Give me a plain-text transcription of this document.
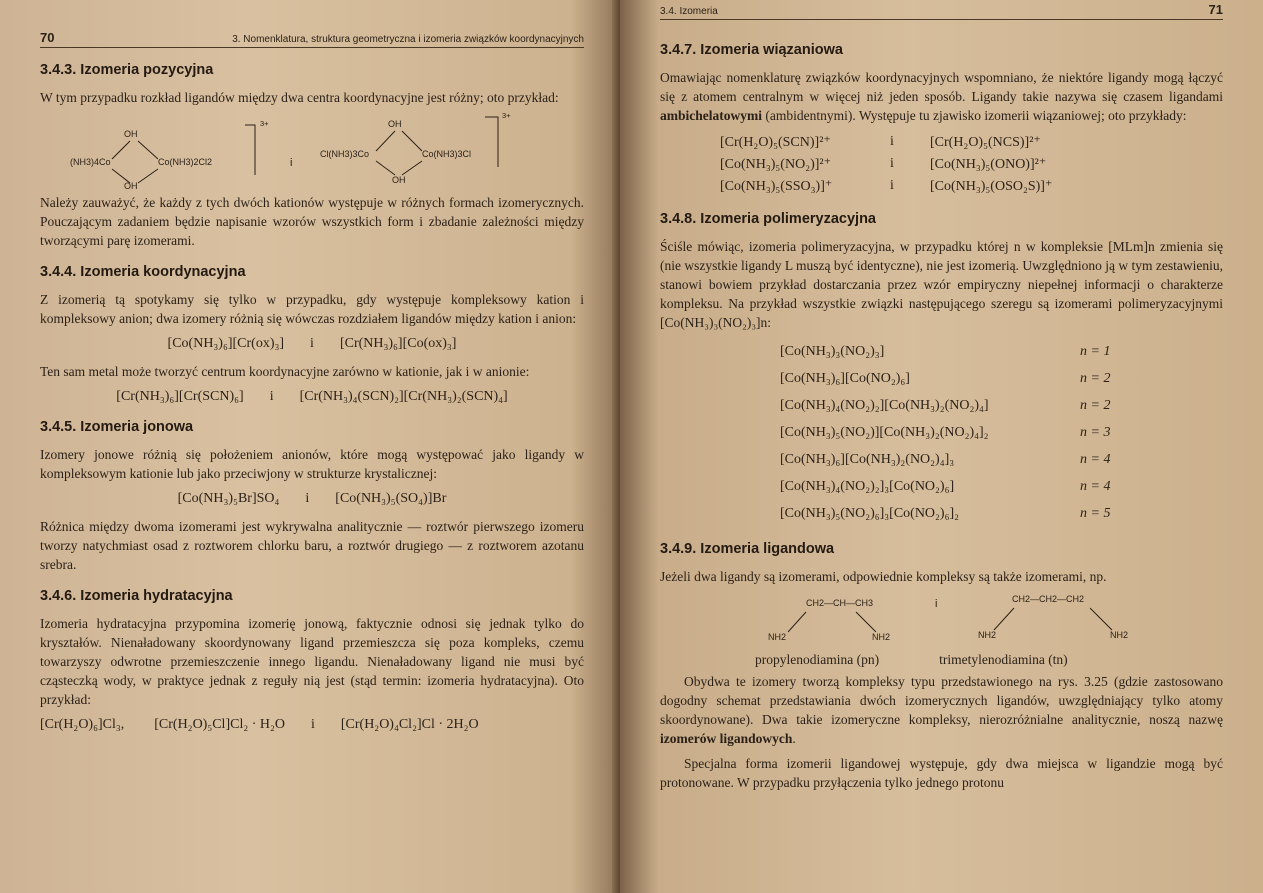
70	3. Nomenklatura, struktura geometryczna i izomeria związków koordynacyjnych
3.4.3. Izomeria pozycyjna

W tym przypadku rozkład ligandów między dwa centra koordynacyjne jest różny; oto przykład:

OH
(NH3)4Co	Co(NH3)2Cl2
OH
3+
i
OH
Cl(NH3)3Co	Co(NH3)3Cl
OH
3+

Należy zauważyć, że każdy z tych dwóch kationów występuje w różnych formach izomerycznych. Pouczającym zadaniem będzie napisanie wzorów wszystkich form i zbadanie zależności między tworzącymi parę izomerami.

3.4.4. Izomeria koordynacyjna

Z izomerią tą spotykamy się tylko w przypadku, gdy występuje kompleksowy kation i kompleksowy anion; dwa izomery różnią się wówczas rozdziałem ligandów między kation i anion:

[Co(NH₃)₆][Cr(ox)₃] i [Cr(NH₃)₆][Co(ox)₃]

Ten sam metal może tworzyć centrum koordynacyjne zarówno w kationie, jak i w anionie:

[Cr(NH₃)₆][Cr(SCN)₆] i [Cr(NH₃)₄(SCN)₂][Cr(NH₃)₂(SCN)₄]
3.4.5. Izomeria jonowa

Izomery jonowe różnią się położeniem anionów, które mogą występować jako ligandy w kompleksowym kationie lub jako przeciwjony w strukturze krystalicznej:

[Co(NH₃)₅Br]SO₄ i [Co(NH₃)₅(SO₄)]Br

Różnica między dwoma izomerami jest wykrywalna analitycznie — roztwór pierwszego izomeru tworzy natychmiast osad z roztworem chlorku baru, a roztwór drugiego — z roztworem azotanu srebra.

3.4.6. Izomeria hydratacyjna

Izomeria hydratacyjna przypomina izomerię jonową, faktycznie odnosi się jednak tylko do kryształów. Nienaładowany skoordynowany ligand przemieszcza się poza kompleks, czemu towarzyszy odwrotne przemieszczenie innego ligandu. Nienaładowany ligand nie musi być cząsteczką wody, w praktyce jednak z reguły nią jest (stąd termin: izomeria hydratacyjna). Oto przykład:

[Cr(H₂O)₆]Cl₃, [Cr(H₂O)₅Cl]Cl₂ · H₂O i [Cr(H₂O)₄Cl₂]Cl · 2H₂O
3.4. Izomeria	71
3.4.7. Izomeria wiązaniowa

Omawiając nomenklaturę związków koordynacyjnych wspomniano, że niektóre ligandy mogą łączyć się z atomem centralnym w więcej niż jeden sposób. Ligandy takie nazywa się czasem ligandami ambichelatowymi (ambidentnymi). Występuje tu zjawisko izomerii wiązaniowej; oto przykłady:

[Cr(H₂O)₅(SCN)]²⁺	i	[Cr(H₂O)₅(NCS)]²⁺
[Co(NH₃)₅(NO₂)]²⁺	i	[Co(NH₃)₅(ONO)]²⁺
[Co(NH₃)₅(SSO₃)]⁺	i	[Co(NH₃)₅(OSO₂S)]⁺
3.4.8. Izomeria polimeryzacyjna

Ściśle mówiąc, izomeria polimeryzacyjna, w przypadku której n w kompleksie [MLm]n zmienia się (nie wszystkie ligandy L muszą być identyczne), nie jest izomerią. Uwzględniono ją w tym zestawieniu, stanowi bowiem przykład dostarczania przez wzór empiryczny niepełnej informacji o charakterze kompleksu. Na przykład wszystkie związki następującego szeregu są izomerami polimeryzacyjnymi [Co(NH₃)₃(NO₂)₃]n:

[Co(NH₃)₃(NO₂)₃]	n = 1
[Co(NH₃)₆][Co(NO₂)₆]	n = 2
[Co(NH₃)₄(NO₂)₂][Co(NH₃)₂(NO₂)₄]	n = 2
[Co(NH₃)₅(NO₂)][Co(NH₃)₂(NO₂)₄]₂	n = 3
[Co(NH₃)₆][Co(NH₃)₂(NO₂)₄]₃	n = 4
[Co(NH₃)₄(NO₂)₂]₃[Co(NO₂)₆]	n = 4
[Co(NH₃)₅(NO₂)₆]₃[Co(NO₂)₆]₂	n = 5
3.4.9. Izomeria ligandowa

Jeżeli dwa ligandy są izomerami, odpowiednie kompleksy są także izomerami, np.

CH2—CH—CH3
NH2	NH2
i	CH2—CH2—CH2
NH2	NH2
propylenodiamina (pn)	trimetylenodiamina (tn)

Obydwa te izomery tworzą kompleksy typu przedstawionego na rys. 3.25 (gdzie zastosowano dogodny schemat przedstawiania dwóch izomerycznych ligandów, uwzględniający tylko atomy skoordynowane). Dwa takie izomeryczne kompleksy, nierozróżnialne analitycznie, noszą nazwę izomerów ligandowych.

Specjalna forma izomerii ligandowej występuje, gdy dwa miejsca w ligandzie mogą być protonowane. W przypadku przyłączenia tylko jednego protonu
